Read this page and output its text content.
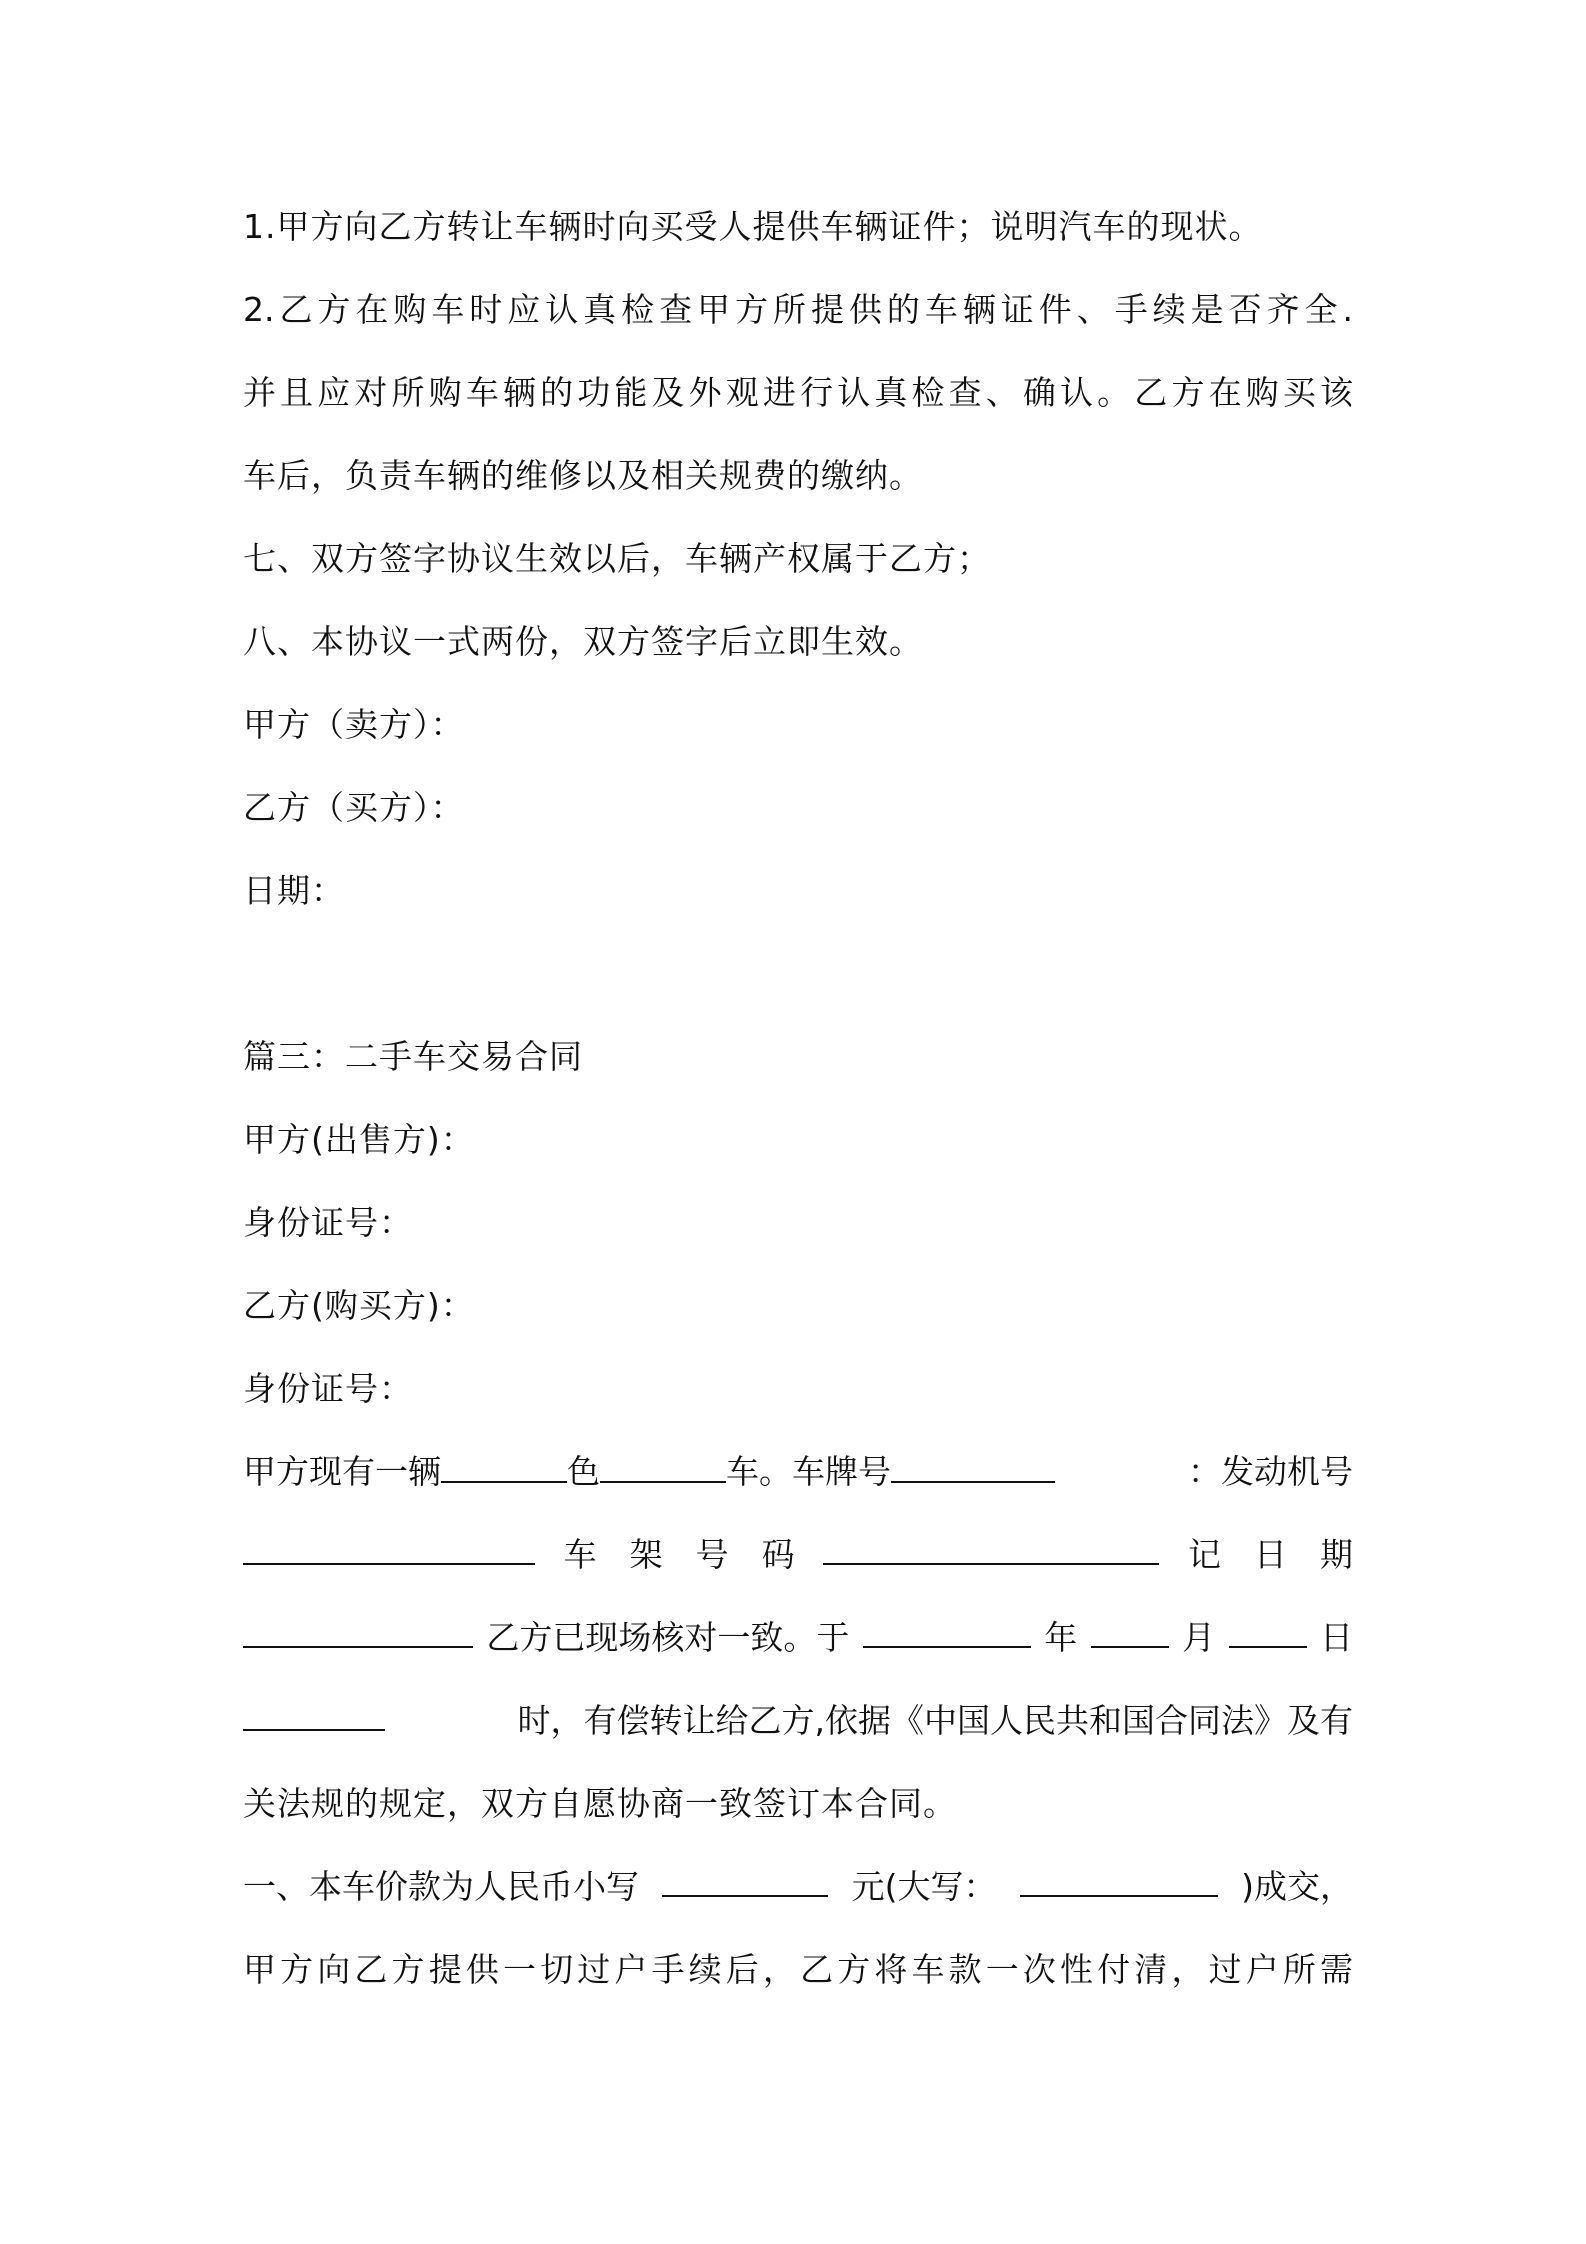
1.甲方向乙方转让车辆时向买受人提供车辆证件；说明汽车的现状。
2.乙方在购车时应认真检查甲方所提供的车辆证件、手续是否齐全.
并且应对所购车辆的功能及外观进行认真检查、确认。乙方在购买该
车后，负责车辆的维修以及相关规费的缴纳。
七、双方签字协议生效以后，车辆产权属于乙方；
八、本协议一式两份，双方签字后立即生效。
甲方（卖方）：
乙方（买方）：
日期：
篇三：二手车交易合同
甲方(出售方)：
身份证号：
乙方(购买方)：
身份证号：
甲方现有一辆	色	车。车牌号	：发动机号
车　架　号　码	记　日　期
乙方已现场核对一致。于	年	月	日
时，有偿转让给乙方,依据《中国人民共和国合同法》及有
关法规的规定，双方自愿协商一致签订本合同。
一、本车价款为人民币小写	元(大写：	)成交，
甲方向乙方提供一切过户手续后，乙方将车款一次性付清，过户所需
